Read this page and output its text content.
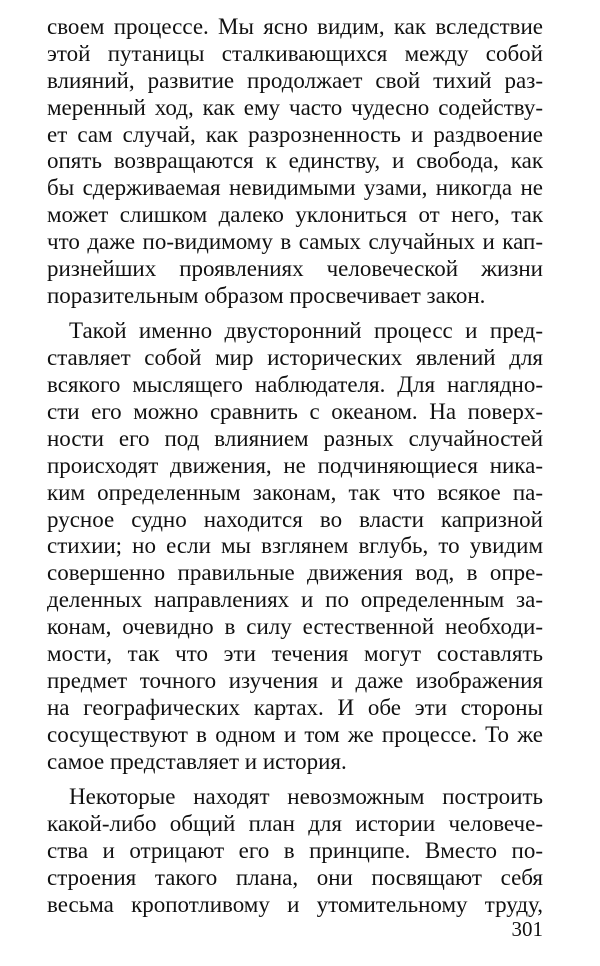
своем процессе. Мы ясно видим, как вследствие
этой путаницы сталкивающихся между собой
влияний, развитие продолжает свой тихий раз-
меренный ход, как ему часто чудесно содейству-
ет сам случай, как разрозненность и раздвоение
опять возвращаются к единству, и свобода, как
бы сдерживаемая невидимыми узами, никогда не
может слишком далеко уклониться от него, так
что даже по-видимому в самых случайных и кап-
ризнейших проявлениях человеческой жизни
поразительным образом просвечивает закон.
Такой именно двусторонний процесс и пред-
ставляет собой мир исторических явлений для
всякого мыслящего наблюдателя. Для нагляднo-
сти его можно сравнить с океаном. На поверх-
ности его под влиянием разных случайностей
происходят движения, не подчиняющиеся ника-
ким определенным законам, так что всякое па-
русное судно находится во власти капризной
стихии; но если мы взглянем вглубь, то увидим
совершенно правильные движения вод, в опре-
деленных направлениях и по определенным за-
конам, очевидно в силу естественной необходи-
мости, так что эти течения могут составлять
предмет точного изучения и даже изображения
на географических картах. И обе эти стороны
сосуществуют в одном и том же процессе. То же
самое представляет и история.
Некоторые находят невозможным построить
какой-либо общий план для истории человече-
ства и отрицают его в принципе. Вместо по-
строения такого плана, они посвящают себя
весьма кропотливому и утомительному труду,
301
